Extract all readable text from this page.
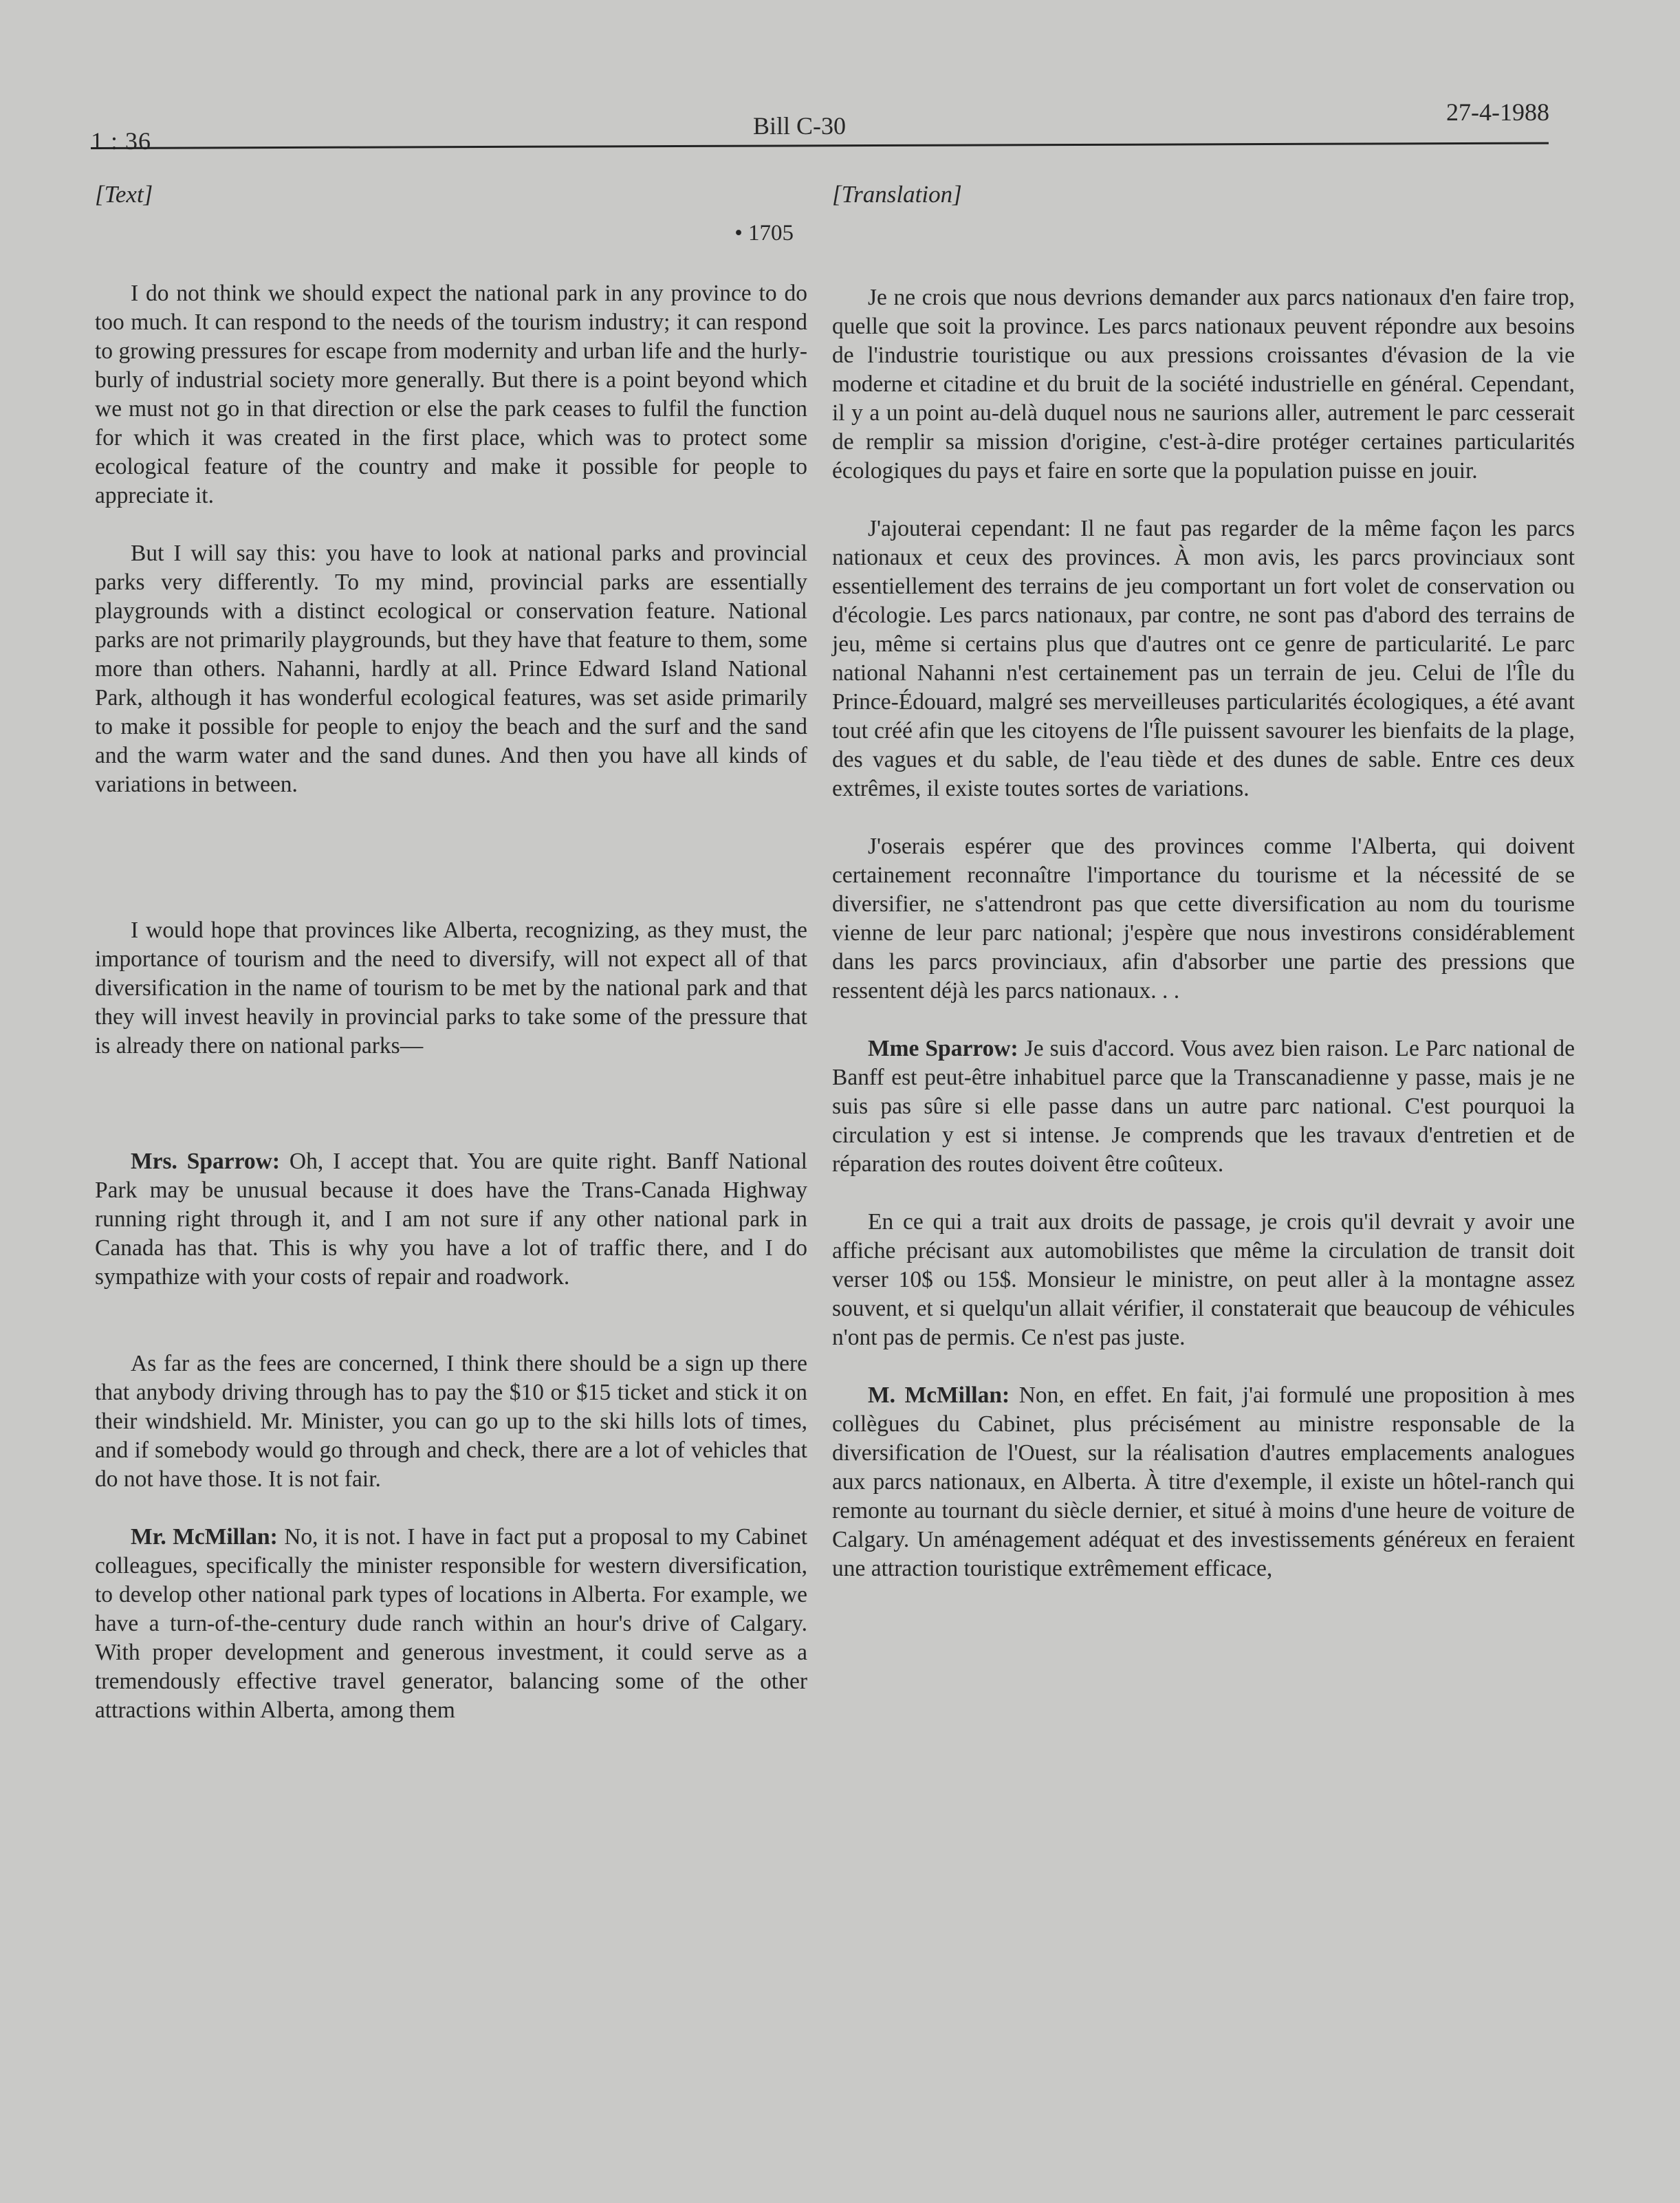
1 : 36
Bill C-30	27-4-1988
[Text]
• 1705

I do not think we should expect the national park in any province to do too much. It can respond to the needs of the tourism industry; it can respond to growing pressures for escape from modernity and urban life and the hurly-burly of industrial society more generally. But there is a point beyond which we must not go in that direction or else the park ceases to fulfil the function for which it was created in the first place, which was to protect some ecological feature of the country and make it possible for people to appreciate it.

But I will say this: you have to look at national parks and provincial parks very differently. To my mind, provincial parks are essentially playgrounds with a distinct ecological or conservation feature. National parks are not primarily playgrounds, but they have that feature to them, some more than others. Nahanni, hardly at all. Prince Edward Island National Park, although it has wonderful ecological features, was set aside primarily to make it possible for people to enjoy the beach and the surf and the sand and the warm water and the sand dunes. And then you have all kinds of variations in between.

I would hope that provinces like Alberta, recognizing, as they must, the importance of tourism and the need to diversify, will not expect all of that diversification in the name of tourism to be met by the national park and that they will invest heavily in provincial parks to take some of the pressure that is already there on national parks—

Mrs. Sparrow: Oh, I accept that. You are quite right. Banff National Park may be unusual because it does have the Trans-Canada Highway running right through it, and I am not sure if any other national park in Canada has that. This is why you have a lot of traffic there, and I do sympathize with your costs of repair and roadwork.

As far as the fees are concerned, I think there should be a sign up there that anybody driving through has to pay the $10 or $15 ticket and stick it on their windshield. Mr. Minister, you can go up to the ski hills lots of times, and if somebody would go through and check, there are a lot of vehicles that do not have those. It is not fair.

Mr. McMillan: No, it is not. I have in fact put a proposal to my Cabinet colleagues, specifically the minister responsible for western diversification, to develop other national park types of locations in Alberta. For example, we have a turn-of-the-century dude ranch within an hour's drive of Calgary. With proper development and generous investment, it could serve as a tremendously effective travel generator, balancing some of the other attractions within Alberta, among them

[Translation]

Je ne crois que nous devrions demander aux parcs nationaux d'en faire trop, quelle que soit la province. Les parcs nationaux peuvent répondre aux besoins de l'industrie touristique ou aux pressions croissantes d'évasion de la vie moderne et citadine et du bruit de la société industrielle en général. Cependant, il y a un point au-delà duquel nous ne saurions aller, autrement le parc cesserait de remplir sa mission d'origine, c'est-à-dire protéger certaines particularités écologiques du pays et faire en sorte que la population puisse en jouir.

J'ajouterai cependant: Il ne faut pas regarder de la même façon les parcs nationaux et ceux des provinces. À mon avis, les parcs provinciaux sont essentiellement des terrains de jeu comportant un fort volet de conservation ou d'écologie. Les parcs nationaux, par contre, ne sont pas d'abord des terrains de jeu, même si certains plus que d'autres ont ce genre de particularité. Le parc national Nahanni n'est certainement pas un terrain de jeu. Celui de l'Île du Prince-Édouard, malgré ses merveilleuses particularités écologiques, a été avant tout créé afin que les citoyens de l'Île puissent savourer les bienfaits de la plage, des vagues et du sable, de l'eau tiède et des dunes de sable. Entre ces deux extrêmes, il existe toutes sortes de variations.

J'oserais espérer que des provinces comme l'Alberta, qui doivent certainement reconnaître l'importance du tourisme et la nécessité de se diversifier, ne s'attendront pas que cette diversification au nom du tourisme vienne de leur parc national; j'espère que nous investirons considérablement dans les parcs provinciaux, afin d'absorber une partie des pressions que ressentent déjà les parcs nationaux. . .

Mme Sparrow: Je suis d'accord. Vous avez bien raison. Le Parc national de Banff est peut-être inhabituel parce que la Transcanadienne y passe, mais je ne suis pas sûre si elle passe dans un autre parc national. C'est pourquoi la circulation y est si intense. Je comprends que les travaux d'entretien et de réparation des routes doivent être coûteux.

En ce qui a trait aux droits de passage, je crois qu'il devrait y avoir une affiche précisant aux automobilistes que même la circulation de transit doit verser 10$ ou 15$. Monsieur le ministre, on peut aller à la montagne assez souvent, et si quelqu'un allait vérifier, il constaterait que beaucoup de véhicules n'ont pas de permis. Ce n'est pas juste.

M. McMillan: Non, en effet. En fait, j'ai formulé une proposition à mes collègues du Cabinet, plus précisément au ministre responsable de la diversification de l'Ouest, sur la réalisation d'autres emplacements analogues aux parcs nationaux, en Alberta. À titre d'exemple, il existe un hôtel-ranch qui remonte au tournant du siècle dernier, et situé à moins d'une heure de voiture de Calgary. Un aménagement adéquat et des investissements généreux en feraient une attraction touristique extrêmement efficace,
